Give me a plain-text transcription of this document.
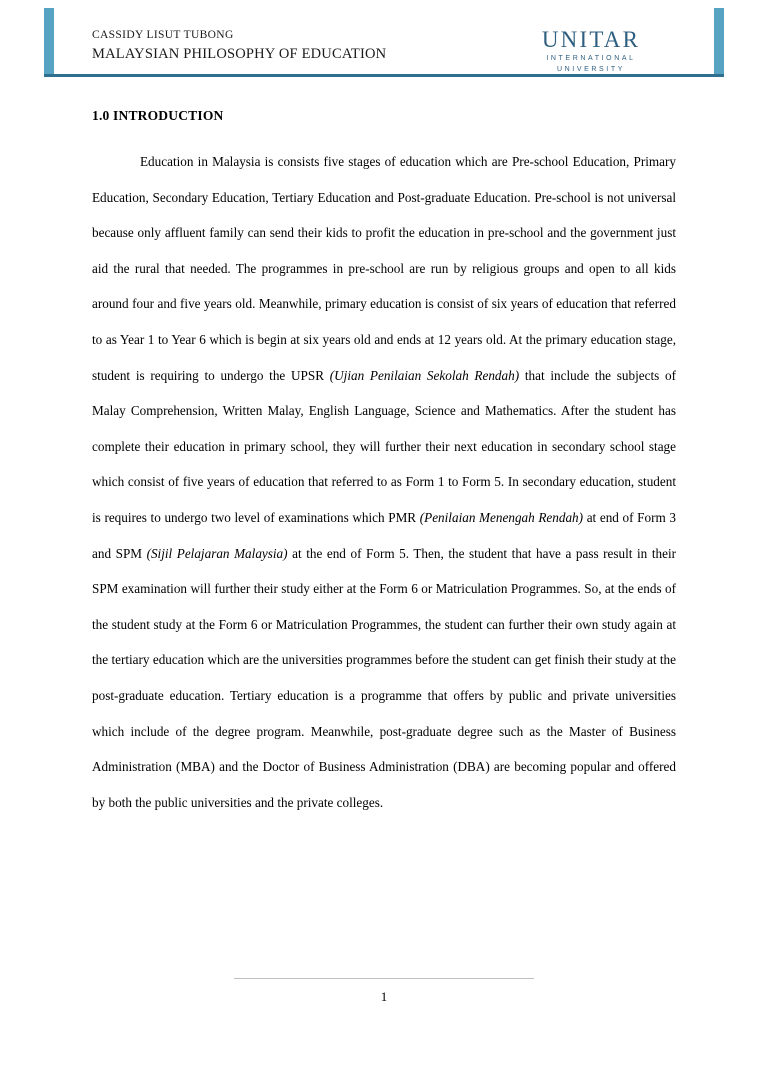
CASSIDY LISUT TUBONG
MALAYSIAN PHILOSOPHY OF EDUCATION
UNITAR
INTERNATIONAL
UNIVERSITY
1.0 INTRODUCTION

Education in Malaysia is consists five stages of education which are Pre-school Education, Primary Education, Secondary Education, Tertiary Education and Post-graduate Education. Pre-school is not universal because only affluent family can send their kids to profit the education in pre-school and the government just aid the rural that needed. The programmes in pre-school are run by religious groups and open to all kids around four and five years old. Meanwhile, primary education is consist of six years of education that referred to as Year 1 to Year 6 which is begin at six years old and ends at 12 years old. At the primary education stage, student is requiring to undergo the UPSR (Ujian Penilaian Sekolah Rendah) that include the subjects of Malay Comprehension, Written Malay, English Language, Science and Mathematics. After the student has complete their education in primary school, they will further their next education in secondary school stage which consist of five years of education that referred to as Form 1 to Form 5. In secondary education, student is requires to undergo two level of examinations which PMR (Penilaian Menengah Rendah) at end of Form 3 and SPM (Sijil Pelajaran Malaysia) at the end of Form 5. Then, the student that have a pass result in their SPM examination will further their study either at the Form 6 or Matriculation Programmes. So, at the ends of the student study at the Form 6 or Matriculation Programmes, the student can further their own study again at the tertiary education which are the universities programmes before the student can get finish their study at the post-graduate education. Tertiary education is a programme that offers by public and private universities which include of the degree program. Meanwhile, post-graduate degree such as the Master of Business Administration (MBA) and the Doctor of Business Administration (DBA) are becoming popular and offered by both the public universities and the private colleges.

1
